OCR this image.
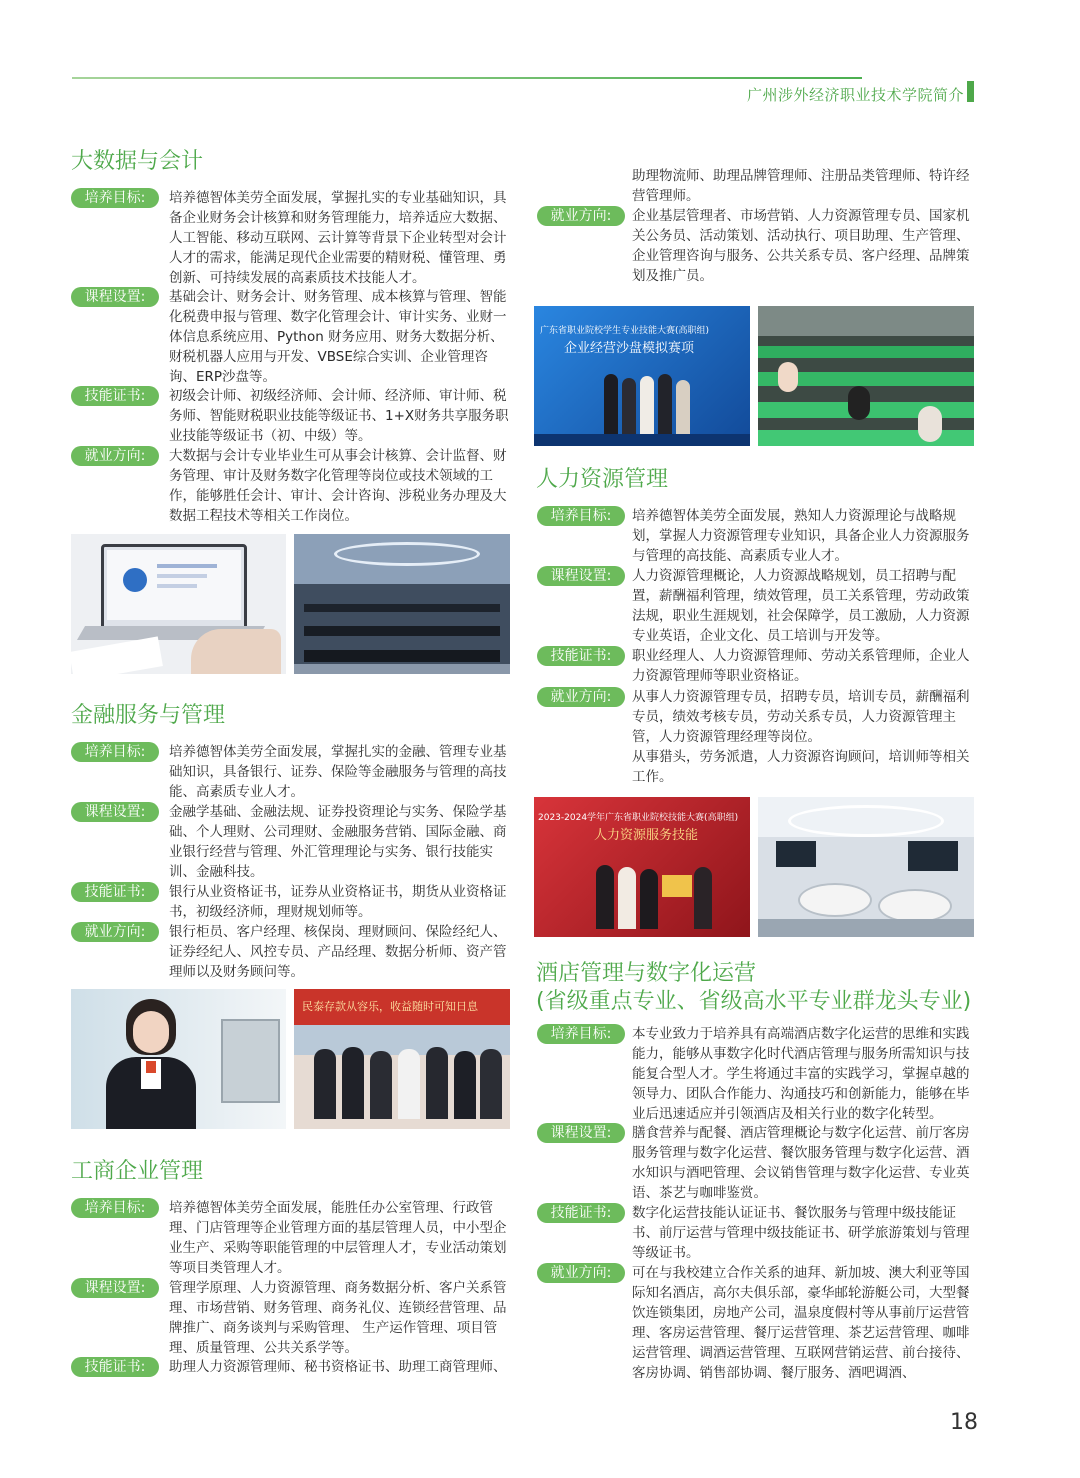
广州涉外经济职业技术学院简介
大数据与会计
培养目标:	培养德智体美劳全面发展，掌握扎实的专业基础知识，具备企业财务会计核算和财务管理能力，培养适应大数据、人工智能、移动互联网、云计算等背景下企业转型对会计人才的需求，能满足现代企业需要的精财税、懂管理、勇创新、可持续发展的高素质技术技能人才。
课程设置:	基础会计、财务会计、财务管理、成本核算与管理、智能化税费申报与管理、数字化管理会计、审计实务、业财一体信息系统应用、Python 财务应用、财务大数据分析、财税机器人应用与开发、VBSE综合实训、企业管理咨询、ERP沙盘等。
技能证书:	初级会计师、初级经济师、会计师、经济师、审计师、税务师、智能财税职业技能等级证书、1+X财务共享服务职业技能等级证书（初、中级）等。
就业方向:	大数据与会计专业毕业生可从事会计核算、会计监督、财务管理、审计及财务数字化管理等岗位或技术领域的工作，能够胜任会计、审计、会计咨询、涉税业务办理及大数据工程技术等相关工作岗位。
金融服务与管理
培养目标:	培养德智体美劳全面发展，掌握扎实的金融、管理专业基础知识，具备银行、证券、保险等金融服务与管理的高技能、高素质专业人才。
课程设置:	金融学基础、金融法规、证券投资理论与实务、保险学基础、个人理财、公司理财、金融服务营销、国际金融、商业银行经营与管理、外汇管理理论与实务、银行技能实训、金融科技。
技能证书:	银行从业资格证书，证券从业资格证书，期货从业资格证书，初级经济师，理财规划师等。
就业方向:	银行柜员、客户经理、核保岗、理财顾问、保险经纪人、证券经纪人、风控专员、产品经理、数据分析师、资产管理师以及财务顾问等。
民泰存款从容乐，收益随时可知日息
工商企业管理
培养目标:	培养德智体美劳全面发展，能胜任办公室管理、行政管理、门店管理等企业管理方面的基层管理人员，中小型企业生产、采购等职能管理的中层管理人才，专业活动策划等项目类管理人才。
课程设置:	管理学原理、人力资源管理、商务数据分析、客户关系管理、市场营销、财务管理、商务礼仪、连锁经营管理、品牌推广、商务谈判与采购管理、 生产运作管理、项目管理、质量管理、公共关系学等。
技能证书:	助理人力资源管理师、秘书资格证书、助理工商管理师、
助理物流师、助理品牌管理师、注册品类管理师、特许经营管理师。
就业方向:	企业基层管理者、市场营销、人力资源管理专员、国家机关公务员、活动策划、活动执行、项目助理、生产管理、企业管理咨询与服务、公共关系专员、客户经理、品牌策划及推广员。
广东省职业院校学生专业技能大赛(高职组)
企业经营沙盘模拟赛项
人力资源管理
培养目标:	培养德智体美劳全面发展，熟知人力资源理论与战略规划，掌握人力资源管理专业知识，具备企业人力资源服务与管理的高技能、高素质专业人才。
课程设置:	人力资源管理概论，人力资源战略规划，员工招聘与配置，薪酬福利管理，绩效管理，员工关系管理，劳动政策法规，职业生涯规划，社会保障学，员工激励，人力资源专业英语，企业文化、员工培训与开发等。
技能证书:	职业经理人、人力资源管理师、劳动关系管理师，企业人力资源管理师等职业资格证。
就业方向:	从事人力资源管理专员，招聘专员，培训专员，薪酬福利专员，绩效考核专员，劳动关系专员，人力资源管理主管，人力资源管理经理等岗位。
从事猎头，劳务派遣，人力资源咨询顾问，培训师等相关工作。
2023-2024学年广东省职业院校技能大赛(高职组)
人力资源服务技能
酒店管理与数字化运营
(省级重点专业、省级高水平专业群龙头专业)
培养目标:	本专业致力于培养具有高端酒店数字化运营的思维和实践能力，能够从事数字化时代酒店管理与服务所需知识与技能复合型人才。学生将通过丰富的实践学习，掌握卓越的领导力、团队合作能力、沟通技巧和创新能力，能够在毕业后迅速适应并引领酒店及相关行业的数字化转型。
课程设置:	膳食营养与配餐、酒店管理概论与数字化运营、前厅客房服务管理与数字化运营、餐饮服务管理与数字化运营、酒水知识与酒吧管理、会议销售管理与数字化运营、专业英语、茶艺与咖啡鉴赏。
技能证书:	数字化运营技能认证证书、餐饮服务与管理中级技能证书、前厅运营与管理中级技能证书、研学旅游策划与管理等级证书。
就业方向:	可在与我校建立合作关系的迪拜、新加坡、澳大利亚等国际知名酒店，高尔夫俱乐部，豪华邮轮游艇公司，大型餐饮连锁集团，房地产公司，温泉度假村等从事前厅运营管理、客房运营管理、餐厅运营管理、茶艺运营管理、咖啡运营管理、调酒运营管理、互联网营销运营、前台接待、客房协调、销售部协调、餐厅服务、酒吧调酒、
18
